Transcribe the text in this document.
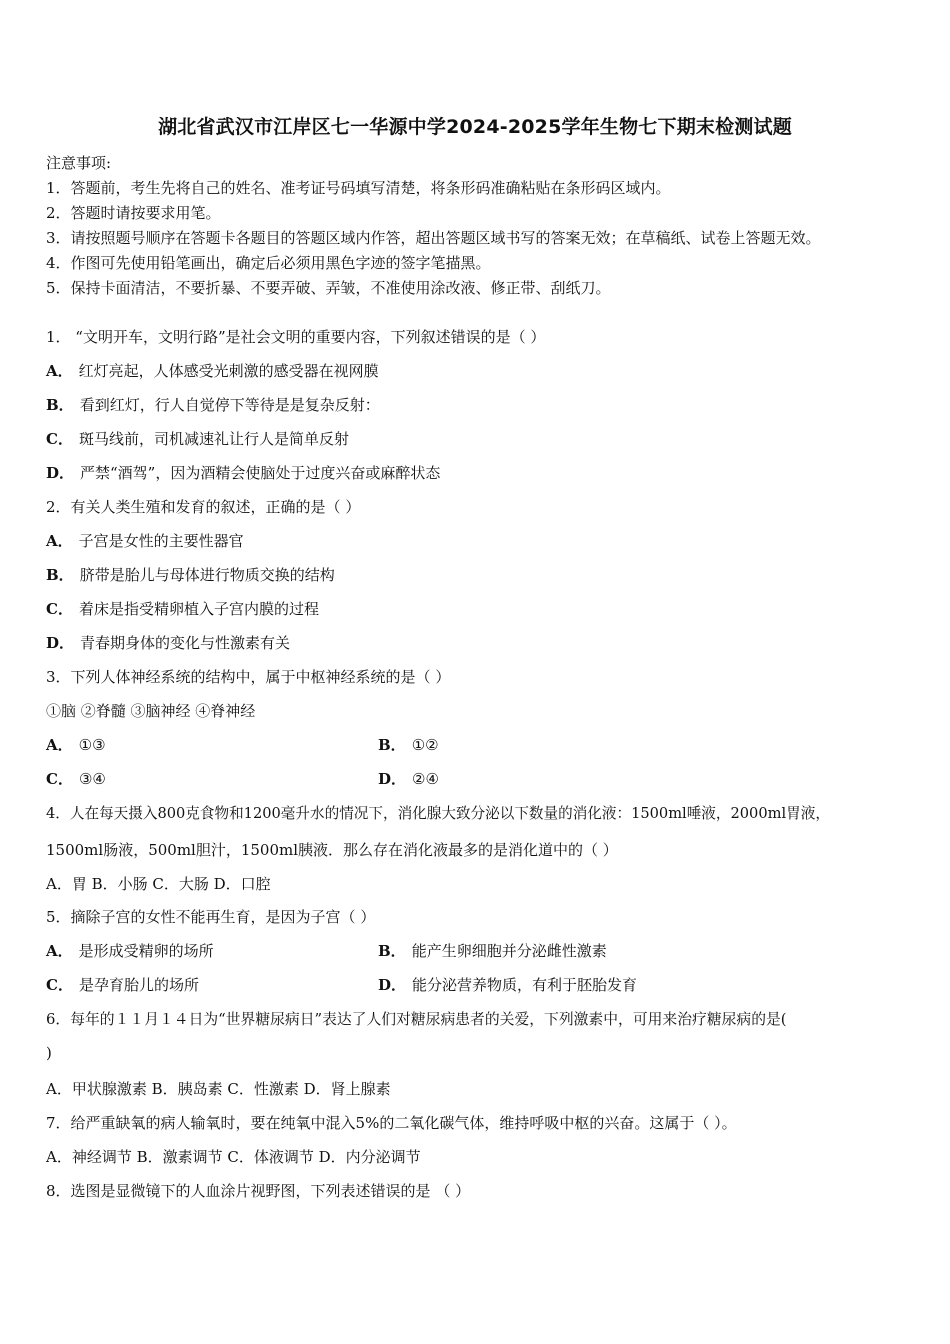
湖北省武汉市江岸区七一华源中学2024-2025学年生物七下期末检测试题
注意事项:
1．答题前，考生先将自己的姓名、准考证号码填写清楚，将条形码准确粘贴在条形码区域内。
2．答题时请按要求用笔。
3．请按照题号顺序在答题卡各题目的答题区域内作答，超出答题区域书写的答案无效；在草稿纸、试卷上答题无效。
4．作图可先使用铅笔画出，确定后必须用黑色字迹的签字笔描黑。
5．保持卡面清洁，不要折暴、不要弄破、弄皱，不准使用涂改液、修正带、刮纸刀。
1． “文明开车，文明行路”是社会文明的重要内容，下列叙述错误的是（ ）
A． 红灯亮起，人体感受光刺激的感受器在视网膜
B． 看到红灯，行人自觉停下等待是是复杂反射：
C． 斑马线前，司机减速礼让行人是简单反射
D． 严禁“酒驾”，因为酒精会使脑处于过度兴奋或麻醉状态
2．有关人类生殖和发育的叙述，正确的是（ ）
A． 子宫是女性的主要性器官
B． 脐带是胎儿与母体进行物质交换的结构
C． 着床是指受精卵植入子宫内膜的过程
D． 青春期身体的变化与性激素有关
3．下列人体神经系统的结构中，属于中枢神经系统的是（ ）
①脑 ②脊髓 ③脑神经 ④脊神经
A． ①③	B． ①②
C． ③④	D． ②④
4．人在每天摄入800克食物和1200毫升水的情况下，消化腺大致分泌以下数量的消化液：1500ml唾液，2000ml胃液，
1500ml肠液，500ml胆汁，1500ml胰液．那么存在消化液最多的是消化道中的（ ）
A．胃 B．小肠 C．大肠 D．口腔
5．摘除子宫的女性不能再生育，是因为子宫（ ）
A． 是形成受精卵的场所	B． 能产生卵细胞并分泌雌性激素
C． 是孕育胎儿的场所	D． 能分泌营养物质，有利于胚胎发育
6．每年的１１月１４日为“世界糖尿病日”表达了人们对糖尿病患者的关爱，下列激素中，可用来治疗糖尿病的是(
)
A．甲状腺激素 B．胰岛素 C．性激素 D．肾上腺素
7．给严重缺氧的病人输氧时，要在纯氧中混入5%的二氧化碳气体，维持呼吸中枢的兴奋。这属于（ ）。
A．神经调节 B．激素调节 C．体液调节 D．内分泌调节
8．选图是显微镜下的人血涂片视野图，下列表述错误的是 （ ）
